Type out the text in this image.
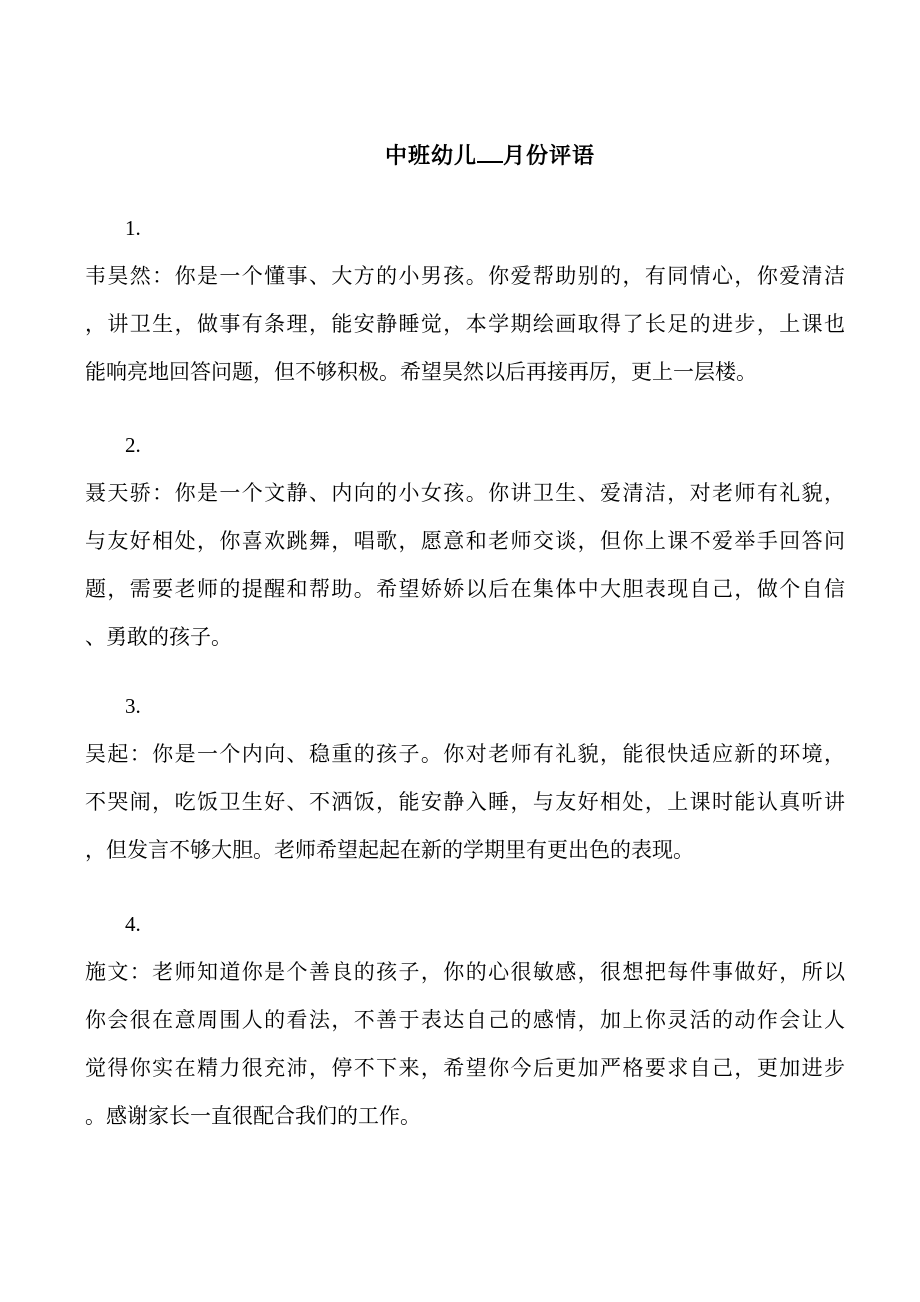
中班幼儿 月份评语
1.
韦昊然：你是一个懂事、大方的小男孩。你爱帮助别的，有同情心，你爱清洁
，讲卫生，做事有条理，能安静睡觉，本学期绘画取得了长足的进步，上课也
能响亮地回答问题，但不够积极。希望昊然以后再接再厉，更上一层楼。
2.
聂天骄：你是一个文静、内向的小女孩。你讲卫生、爱清洁，对老师有礼貌，
与友好相处，你喜欢跳舞，唱歌，愿意和老师交谈，但你上课不爱举手回答问
题，需要老师的提醒和帮助。希望娇娇以后在集体中大胆表现自己，做个自信
、勇敢的孩子。
3.
吴起：你是一个内向、稳重的孩子。你对老师有礼貌，能很快适应新的环境，
不哭闹，吃饭卫生好、不洒饭，能安静入睡，与友好相处，上课时能认真听讲
，但发言不够大胆。老师希望起起在新的学期里有更出色的表现。
4.
施文：老师知道你是个善良的孩子，你的心很敏感，很想把每件事做好，所以
你会很在意周围人的看法，不善于表达自己的感情，加上你灵活的动作会让人
觉得你实在精力很充沛，停不下来，希望你今后更加严格要求自己，更加进步
。感谢家长一直很配合我们的工作。
